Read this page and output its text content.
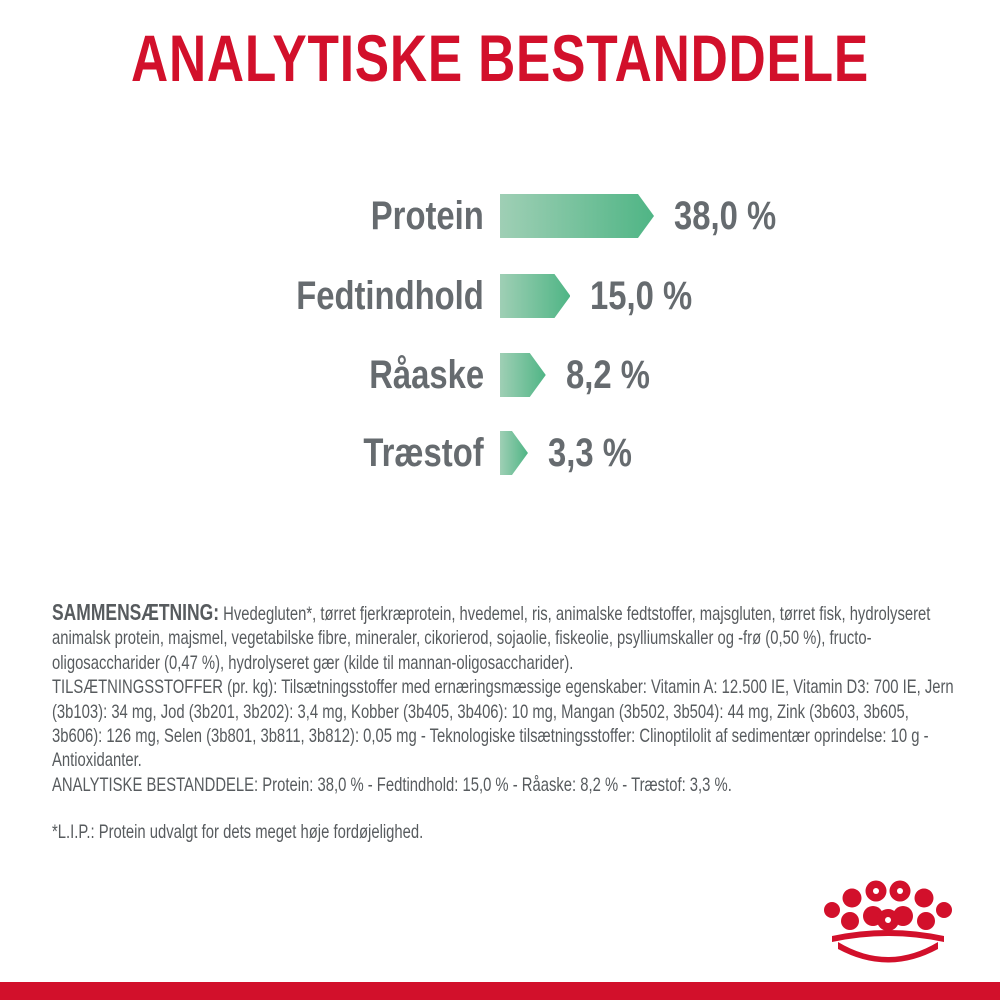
ANALYTISKE BESTANDDELE
Protein	38,0 %
Fedtindhold	15,0 %
Råaske 8,2 %
Træstof 3,3 %

SAMMENSÆTNING: Hvedegluten*, tørret fjerkræprotein, hvedemel, ris, animalske fedtstoffer, majsgluten, tørret fisk, hydrolyseret animalsk protein, majsmel, vegetabilske fibre, mineraler, cikorierod, sojaolie, fiskeolie, psylliumskaller og -frø (0,50 %), fructo-oligosaccharider (0,47 %), hydrolyseret gær (kilde til mannan-oligosaccharider).

TILSÆTNINGSSTOFFER (pr. kg): Tilsætningsstoffer med ernæringsmæssige egenskaber: Vitamin A: 12.500 IE, Vitamin D3: 700 IE, Jern (3b103): 34 mg, Jod (3b201, 3b202): 3,4 mg, Kobber (3b405, 3b406): 10 mg, Mangan (3b502, 3b504): 44 mg, Zink (3b603, 3b605, 3b606): 126 mg, Selen (3b801, 3b811, 3b812): 0,05 mg - Teknologiske tilsætningsstoffer: Clinoptilolit af sedimentær oprindelse: 10 g - Antioxidanter.

ANALYTISKE BESTANDDELE: Protein: 38,0 % - Fedtindhold: 15,0 % - Råaske: 8,2 % - Træstof: 3,3 %.

*L.I.P.: Protein udvalgt for dets meget høje fordøjelighed.
